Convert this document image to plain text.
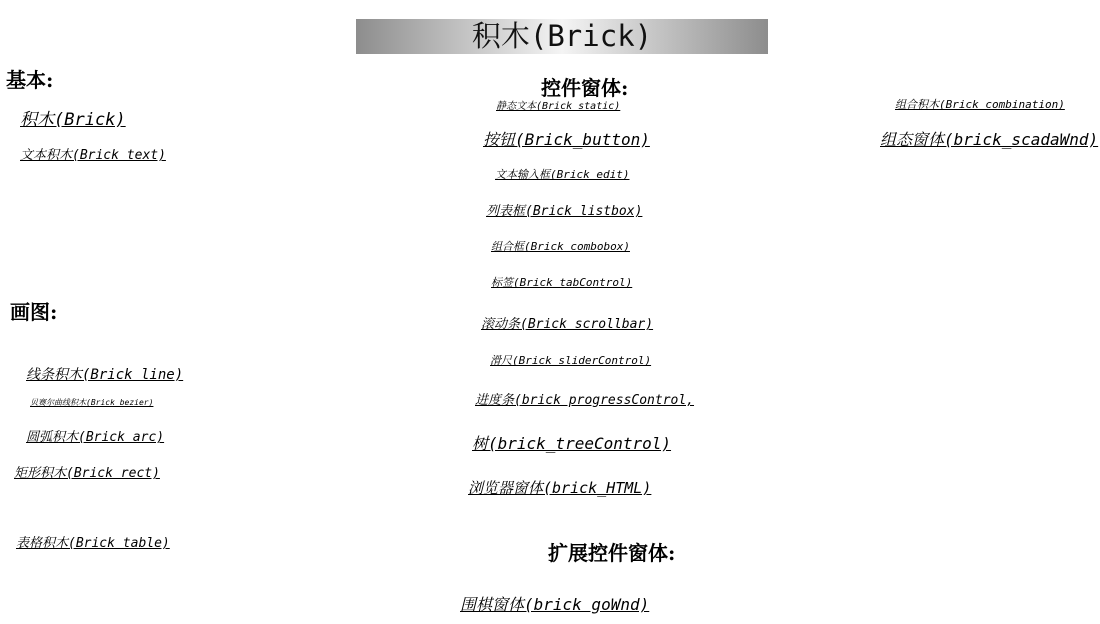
积木(Brick)
基本:
画图:
控件窗体:
扩展控件窗体:
积木(Brick)
文本积木(Brick text)
线条积木(Brick line)
贝赛尔曲线积木(Brick bezier)
圆弧积木(Brick arc)
矩形积木(Brick rect)
表格积木(Brick table)
静态文本(Brick static)
按钮(Brick_button)
文本输入框(Brick edit)
列表框(Brick listbox)
组合框(Brick combobox)
标签(Brick tabControl)
滚动条(Brick scrollbar)
滑尺(Brick sliderControl)
进度条(brick progressControl,
树(brick_treeControl)
浏览器窗体(brick_HTML)
组合积木(Brick combination)
组态窗体(brick_scadaWnd)
围棋窗体(brick goWnd)
